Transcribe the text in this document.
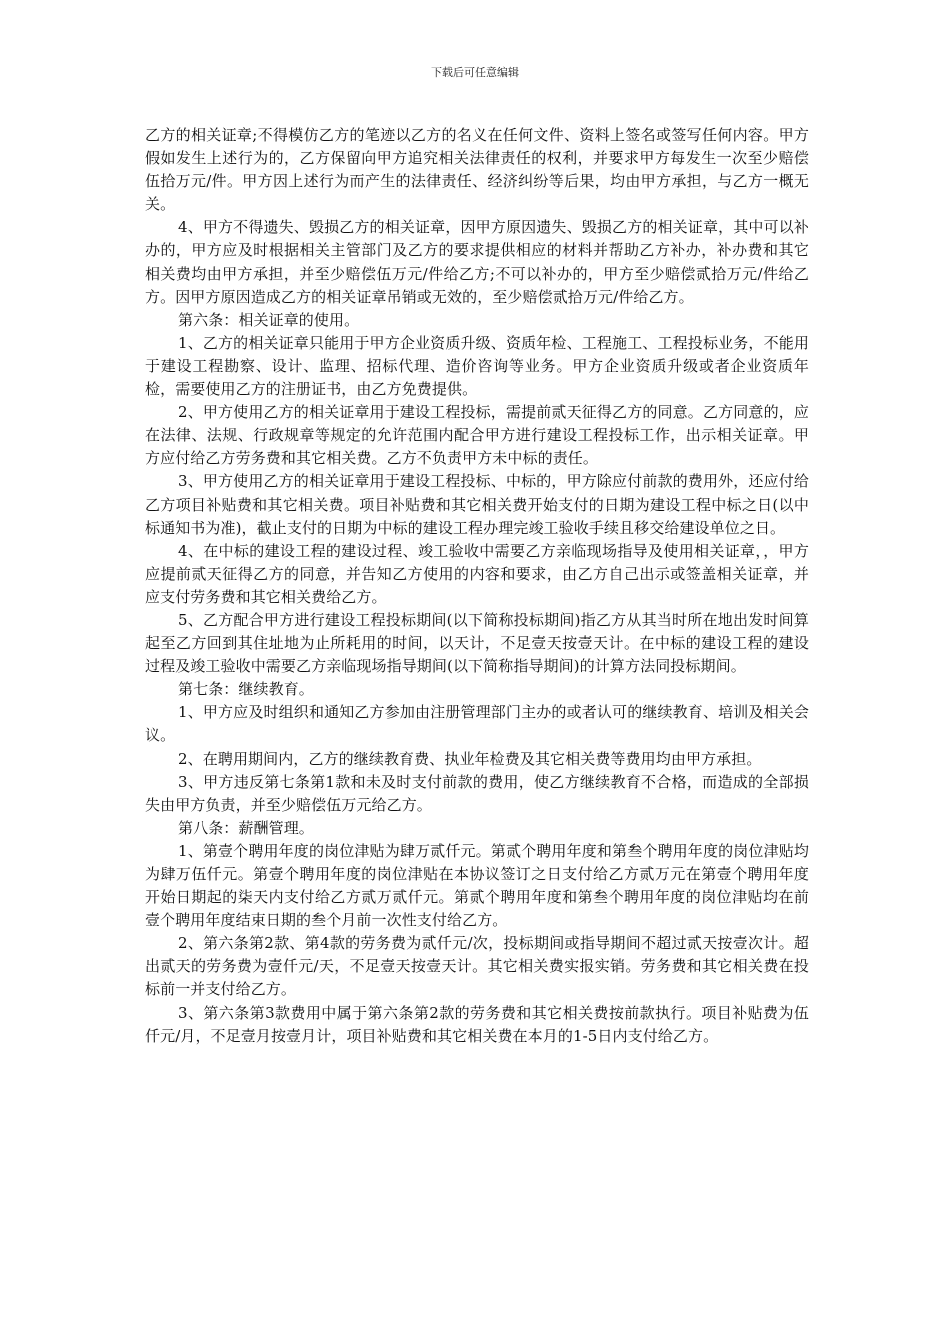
下载后可任意编辑

乙方的相关证章;不得模仿乙方的笔迹以乙方的名义在任何文件、资料上签名或签写任何内容。甲方假如发生上述行为的，乙方保留向甲方追究相关法律责任的权利，并要求甲方每发生一次至少赔偿伍拾万元/件。甲方因上述行为而产生的法律责任、经济纠纷等后果，均由甲方承担，与乙方一概无关。

4、甲方不得遗失、毁损乙方的相关证章，因甲方原因遗失、毁损乙方的相关证章，其中可以补办的，甲方应及时根据相关主管部门及乙方的要求提供相应的材料并帮助乙方补办，补办费和其它相关费均由甲方承担，并至少赔偿伍万元/件给乙方;不可以补办的，甲方至少赔偿贰拾万元/件给乙方。因甲方原因造成乙方的相关证章吊销或无效的，至少赔偿贰拾万元/件给乙方。

第六条：相关证章的使用。

1、乙方的相关证章只能用于甲方企业资质升级、资质年检、工程施工、工程投标业务，不能用于建设工程勘察、设计、监理、招标代理、造价咨询等业务。甲方企业资质升级或者企业资质年检，需要使用乙方的注册证书，由乙方免费提供。

2、甲方使用乙方的相关证章用于建设工程投标，需提前贰天征得乙方的同意。乙方同意的，应在法律、法规、行政规章等规定的允许范围内配合甲方进行建设工程投标工作，出示相关证章。甲方应付给乙方劳务费和其它相关费。乙方不负责甲方未中标的责任。

3、甲方使用乙方的相关证章用于建设工程投标、中标的，甲方除应付前款的费用外，还应付给乙方项目补贴费和其它相关费。项目补贴费和其它相关费开始支付的日期为建设工程中标之日(以中标通知书为准)，截止支付的日期为中标的建设工程办理完竣工验收手续且移交给建设单位之日。

4、在中标的建设工程的建设过程、竣工验收中需要乙方亲临现场指导及使用相关证章，，甲方应提前贰天征得乙方的同意，并告知乙方使用的内容和要求，由乙方自己出示或签盖相关证章，并应支付劳务费和其它相关费给乙方。

5、乙方配合甲方进行建设工程投标期间(以下简称投标期间)指乙方从其当时所在地出发时间算起至乙方回到其住址地为止所耗用的时间，以天计，不足壹天按壹天计。在中标的建设工程的建设过程及竣工验收中需要乙方亲临现场指导期间(以下简称指导期间)的计算方法同投标期间。

第七条：继续教育。

1、甲方应及时组织和通知乙方参加由注册管理部门主办的或者认可的继续教育、培训及相关会议。

2、在聘用期间内，乙方的继续教育费、执业年检费及其它相关费等费用均由甲方承担。

3、甲方违反第七条第1款和未及时支付前款的费用，使乙方继续教育不合格，而造成的全部损失由甲方负责，并至少赔偿伍万元给乙方。

第八条：薪酬管理。

1、第壹个聘用年度的岗位津贴为肆万贰仟元。第贰个聘用年度和第叁个聘用年度的岗位津贴均为肆万伍仟元。第壹个聘用年度的岗位津贴在本协议签订之日支付给乙方贰万元在第壹个聘用年度开始日期起的柒天内支付给乙方贰万贰仟元。第贰个聘用年度和第叁个聘用年度的岗位津贴均在前壹个聘用年度结束日期的叁个月前一次性支付给乙方。

2、第六条第2款、第4款的劳务费为贰仟元/次，投标期间或指导期间不超过贰天按壹次计。超出贰天的劳务费为壹仟元/天，不足壹天按壹天计。其它相关费实报实销。劳务费和其它相关费在投标前一并支付给乙方。

3、第六条第3款费用中属于第六条第2款的劳务费和其它相关费按前款执行。项目补贴费为伍仟元/月，不足壹月按壹月计，项目补贴费和其它相关费在本月的1-5日内支付给乙方。
